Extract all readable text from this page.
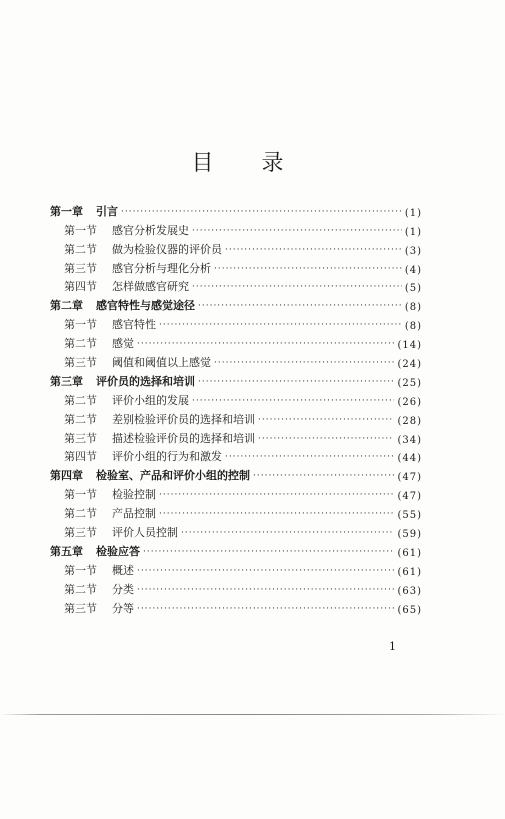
目 录
第一章 引言 ·····	(1)
第一节 感官分析发展史 ·····	(1)
第二节 做为检验仪器的评价员 ·····	(3)
第三节 感官分析与理化分析 ·····	(4)
第四节 怎样做感官研究 ·····	(5)
第二章 感官特性与感觉途径 ·····	(8)
第一节 感官特性 ·····	(8)
第二节 感觉 ·····	(14)
第三节 阈值和阈值以上感觉 ·····	(24)
第三章 评价员的选择和培训 ·····	(25)
第二节 评价小组的发展 ·····	(26)
第二节 差别检验评价员的选择和培训 ·····	(28)
第三节 描述检验评价员的选择和培训 ·····	(34)
第四节 评价小组的行为和激发 ·····	(44)
第四章 检验室、产品和评价小组的控制 ·····	(47)
第一节 检验控制 ·····	(47)
第二节 产品控制 ·····	(55)
第三节 评价人员控制 ·····	(59)
第五章 检验应答 ·····	(61)
第一节 概述 ·····	(61)
第二节 分类 ·····	(63)
第三节 分等 ·····	(65)
1
